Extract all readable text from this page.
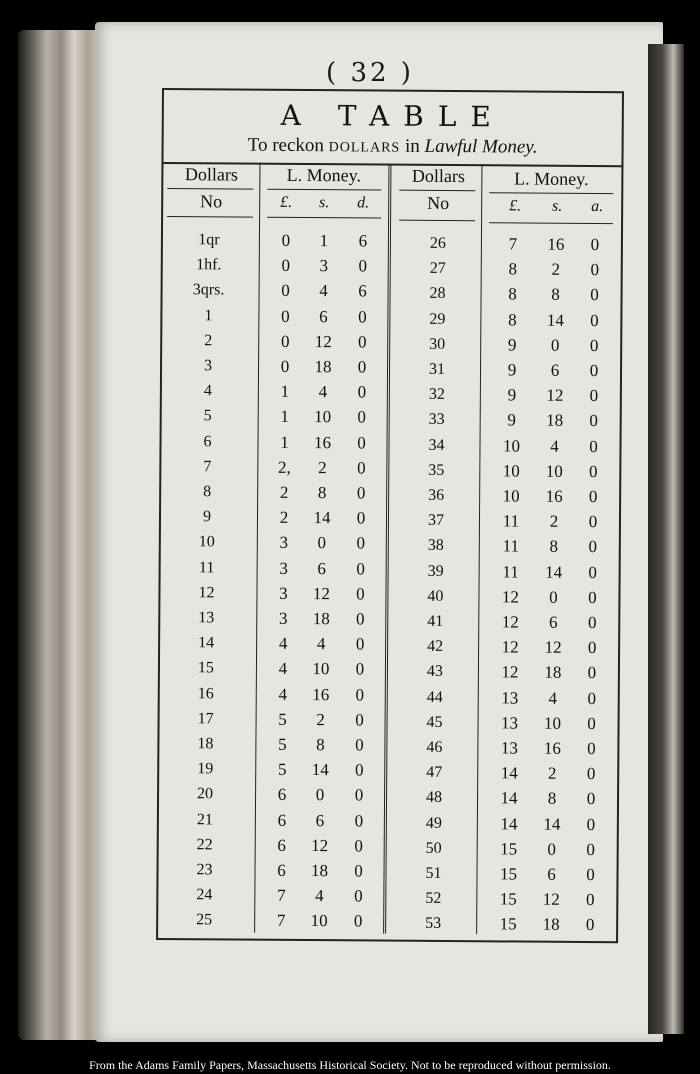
( 32 )
A TABLE
To reckon DOLLARS in Lawful Money.
Dollars	L. Money.
No	£.	s.	d.
Dollars	L. Money.
No	£.	s.	a.
1qr	0	1	6
1hf.	0	3	0
3qrs.	0	4	6
1	0	6	0
2	0	12	0
3	0	18	0
4	1	4	0
5	1	10	0
6	1	16	0
7	2,	2	0
8	2	8	0
9	2	14	0
10	3	0	0
11	3	6	0
12	3	12	0
13	3	18	0
14	4	4	0
15	4	10	0
16	4	16	0
17	5	2	0
18	5	8	0
19	5	14	0
20	6	0	0
21	6	6	0
22	6	12	0
23	6	18	0
24	7	4	0
25	7	10	0
26	7	16	0
27	8	2	0
28	8	8	0
29	8	14	0
30	9	0	0
31	9	6	0
32	9	12	0
33	9	18	0
34	10	4	0
35	10	10	0
36	10	16	0
37	11	2	0
38	11	8	0
39	11	14	0
40	12	0	0
41	12	6	0
42	12	12	0
43	12	18	0
44	13	4	0
45	13	10	0
46	13	16	0
47	14	2	0
48	14	8	0
49	14	14	0
50	15	0	0
51	15	6	0
52	15	12	0
53	15	18	0
From the Adams Family Papers, Massachusetts Historical Society. Not to be reproduced without permission.
